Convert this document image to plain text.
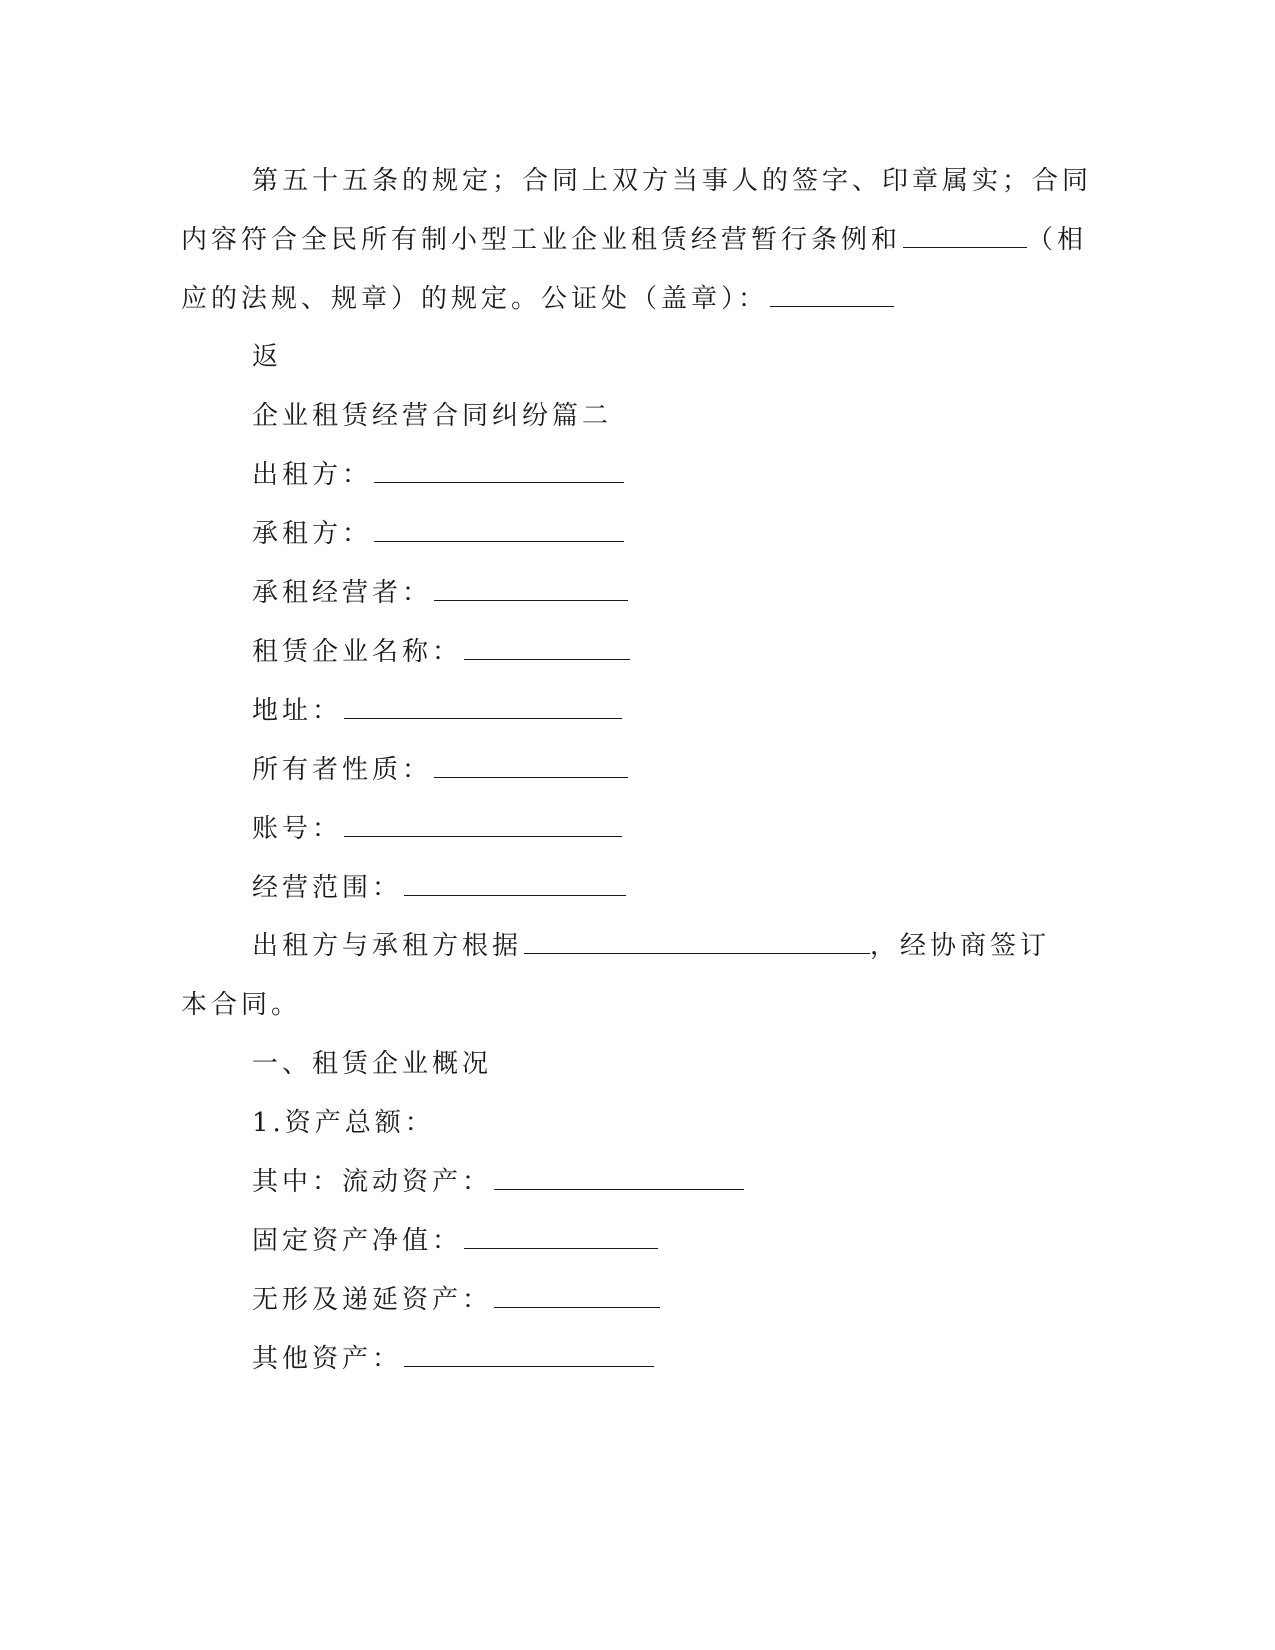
第五十五条的规定；合同上双方当事人的签字、印章属实；合同
内容符合全民所有制小型工业企业租赁经营暂行条例和	（相
应的法规、规章）的规定。公证处（盖章）：
返
企业租赁经营合同纠纷篇二
出租方：
承租方：
承租经营者：
租赁企业名称：
地址：
所有者性质：
账号：
经营范围：
出租方与承租方根据	，经协商签订
本合同。
一、租赁企业概况
1.资产总额：
其中：流动资产：
固定资产净值：
无形及递延资产：
其他资产：
